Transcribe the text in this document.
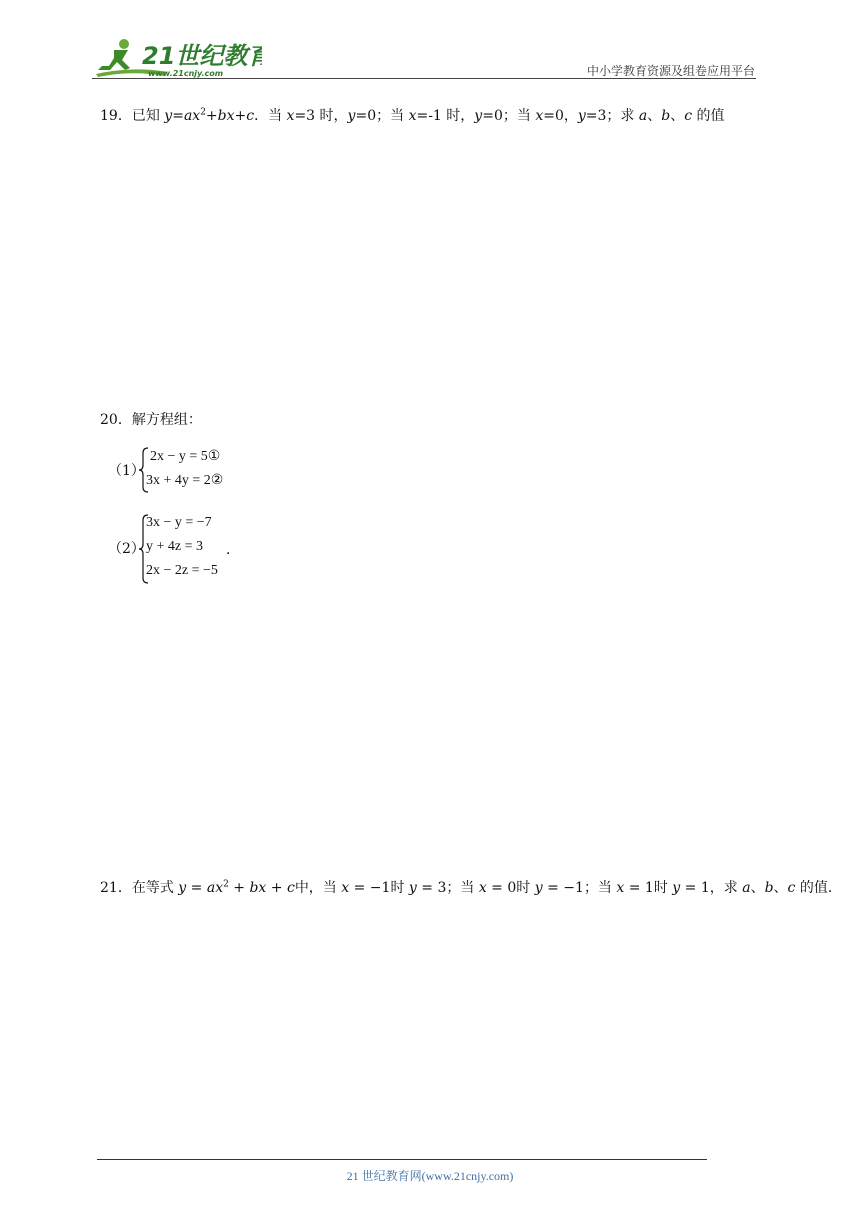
21世纪教育
www.21cnjy.com	中小学教育资源及组卷应用平台
19．已知 $y=ax^2+bx+c$．当 x=3 时，y=0；当 x=-1 时，y=0；当 x=0，y=3；求 a、b、c 的值
20．解方程组：
（1）
2x − y = 5①
3x + 4y = 2②
（2）
3x − y = −7
y + 4z = 3
2x − 2z = −5
．
21．在等式 $y = ax^2$ + bx + c中，当 x = −1时 y = 3；当 x = 0时 y = −1；当 x = 1时 y = 1，求 a、b、c 的值．
21 世纪教育网(www.21cnjy.com)
